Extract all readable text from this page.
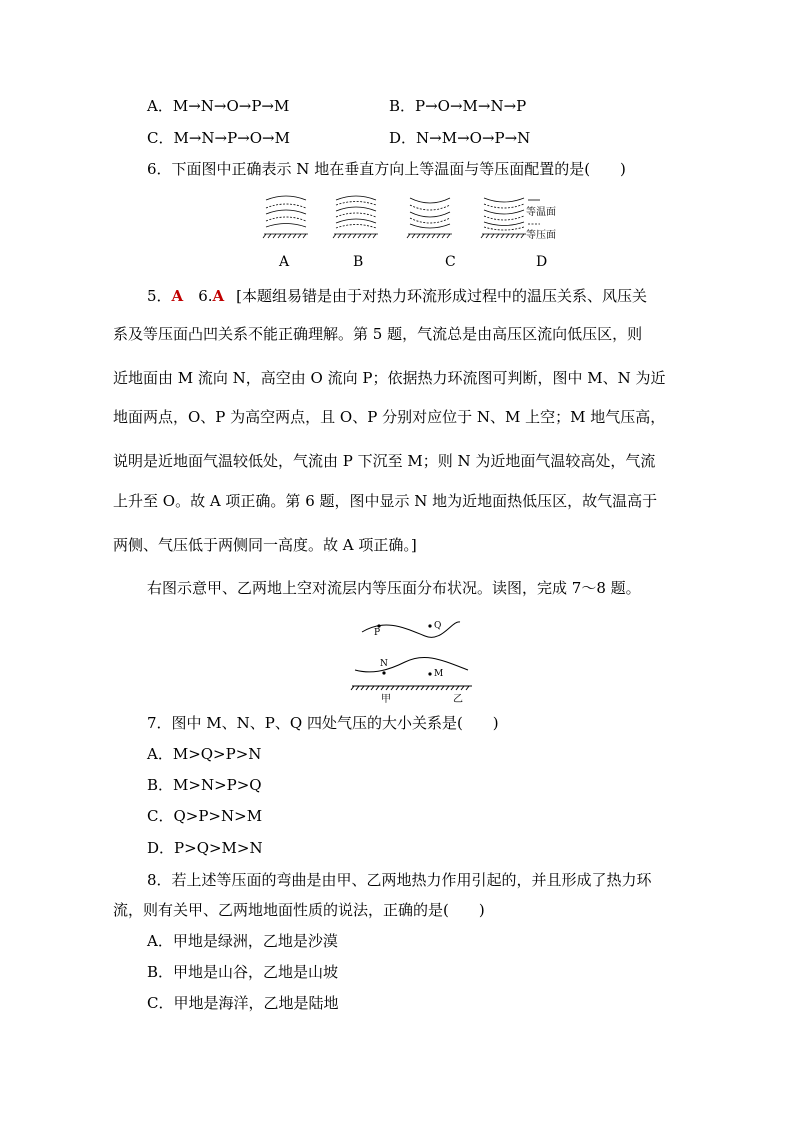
A．M→N→O→P→M	B．P→O→M→N→P
C．M→N→P→O→M	D．N→M→O→P→N
6．下面图中正确表示 N 地在垂直方向上等温面与等压面配置的是(　　)
等温面
等压面
A	B	C	D
5．A　6.A [本题组易错是由于对热力环流形成过程中的温压关系、风压关
系及等压面凸凹关系不能正确理解。第 5 题，气流总是由高压区流向低压区，则
近地面由 M 流向 N，高空由 O 流向 P；依据热力环流图可判断，图中 M、N 为近
地面两点，O、P 为高空两点，且 O、P 分别对应位于 N、M 上空；M 地气压高，
说明是近地面气温较低处，气流由 P 下沉至 M；则 N 为近地面气温较高处，气流
上升至 O。故 A 项正确。第 6 题，图中显示 N 地为近地面热低压区，故气温高于
两侧、气压低于两侧同一高度。故 A 项正确。]
右图示意甲、乙两地上空对流层内等压面分布状况。读图，完成 7～8 题。
P
Q
N
M
甲	乙
7．图中 M、N、P、Q 四处气压的大小关系是(　　)
A．M>Q>P>N
B．M>N>P>Q
C．Q>P>N>M
D．P>Q>M>N
8．若上述等压面的弯曲是由甲、乙两地热力作用引起的，并且形成了热力环
流，则有关甲、乙两地地面性质的说法，正确的是(　　)
A．甲地是绿洲，乙地是沙漠
B．甲地是山谷，乙地是山坡
C．甲地是海洋，乙地是陆地
